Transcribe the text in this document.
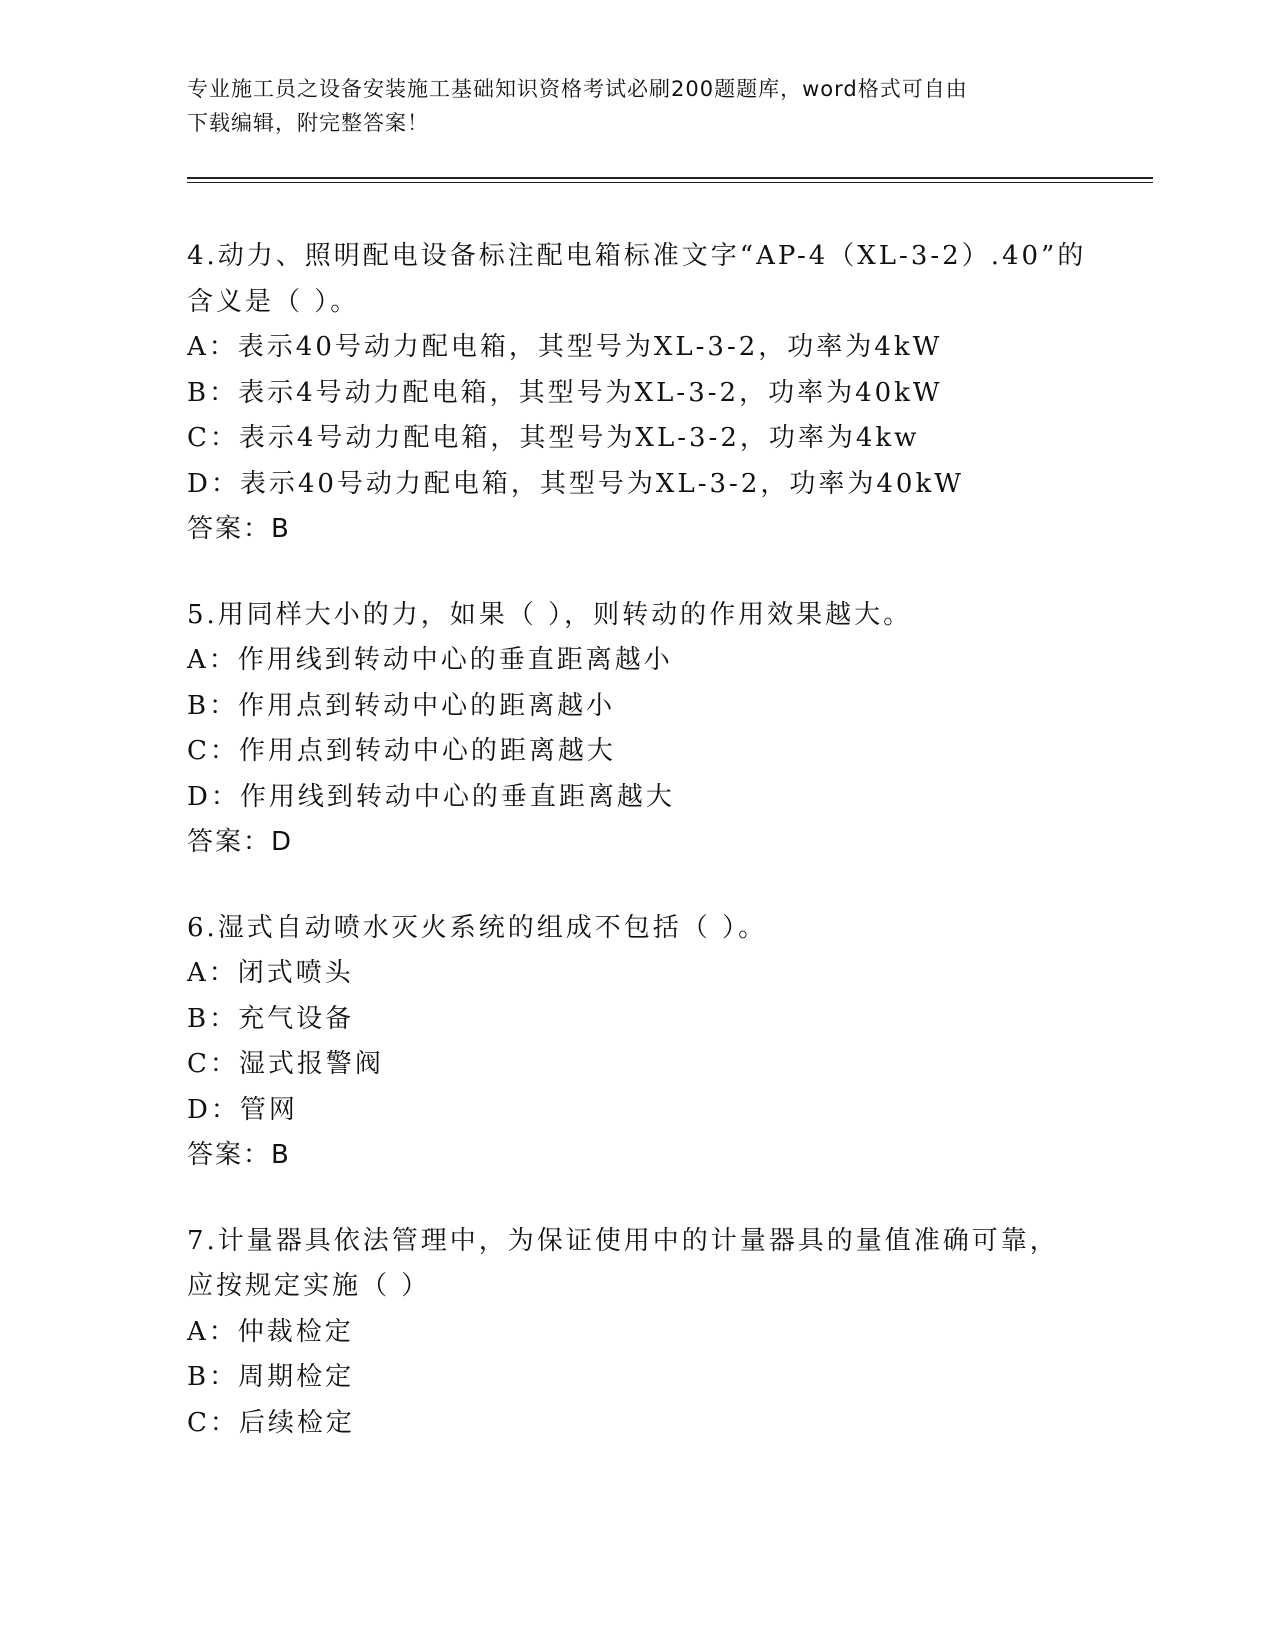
专业施工员之设备安装施工基础知识资格考试必刷200题题库，word格式可自由
下载编辑，附完整答案！
4.动力、照明配电设备标注配电箱标准文字“AP-4（XL-3-2）.40”的
含义是（ ）。
A：表示40号动力配电箱，其型号为XL-3-2，功率为4kW
B：表示4号动力配电箱，其型号为XL-3-2，功率为40kW
C：表示4号动力配电箱，其型号为XL-3-2，功率为4kw
D：表示40号动力配电箱，其型号为XL-3-2，功率为40kW
答案：B
5.用同样大小的力，如果（ ），则转动的作用效果越大。
A：作用线到转动中心的垂直距离越小
B：作用点到转动中心的距离越小
C：作用点到转动中心的距离越大
D：作用线到转动中心的垂直距离越大
答案：D
6.湿式自动喷水灭火系统的组成不包括（ ）。
A：闭式喷头
B：充气设备
C：湿式报警阀
D：管网
答案：B
7.计量器具依法管理中，为保证使用中的计量器具的量值准确可靠，
应按规定实施（ ）
A：仲裁检定
B：周期检定
C：后续检定
